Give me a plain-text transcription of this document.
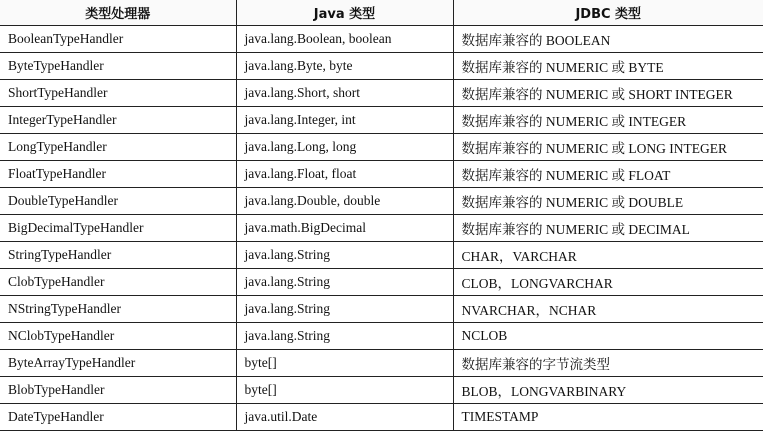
类型处理器	Java 类型	JDBC 类型
BooleanTypeHandler	java.lang.Boolean, boolean	数据库兼容的 BOOLEAN
ByteTypeHandler	java.lang.Byte, byte	数据库兼容的 NUMERIC 或 BYTE
ShortTypeHandler	java.lang.Short, short	数据库兼容的 NUMERIC 或 SHORT INTEGER
IntegerTypeHandler	java.lang.Integer, int	数据库兼容的 NUMERIC 或 INTEGER
LongTypeHandler	java.lang.Long, long	数据库兼容的 NUMERIC 或 LONG INTEGER
FloatTypeHandler	java.lang.Float, float	数据库兼容的 NUMERIC 或 FLOAT
DoubleTypeHandler	java.lang.Double, double	数据库兼容的 NUMERIC 或 DOUBLE
BigDecimalTypeHandler	java.math.BigDecimal	数据库兼容的 NUMERIC 或 DECIMAL
StringTypeHandler	java.lang.String	CHAR，VARCHAR
ClobTypeHandler	java.lang.String	CLOB，LONGVARCHAR
NStringTypeHandler	java.lang.String	NVARCHAR，NCHAR
NClobTypeHandler	java.lang.String	NCLOB
ByteArrayTypeHandler	byte[]	数据库兼容的字节流类型
BlobTypeHandler	byte[]	BLOB，LONGVARBINARY
DateTypeHandler	java.util.Date	TIMESTAMP
